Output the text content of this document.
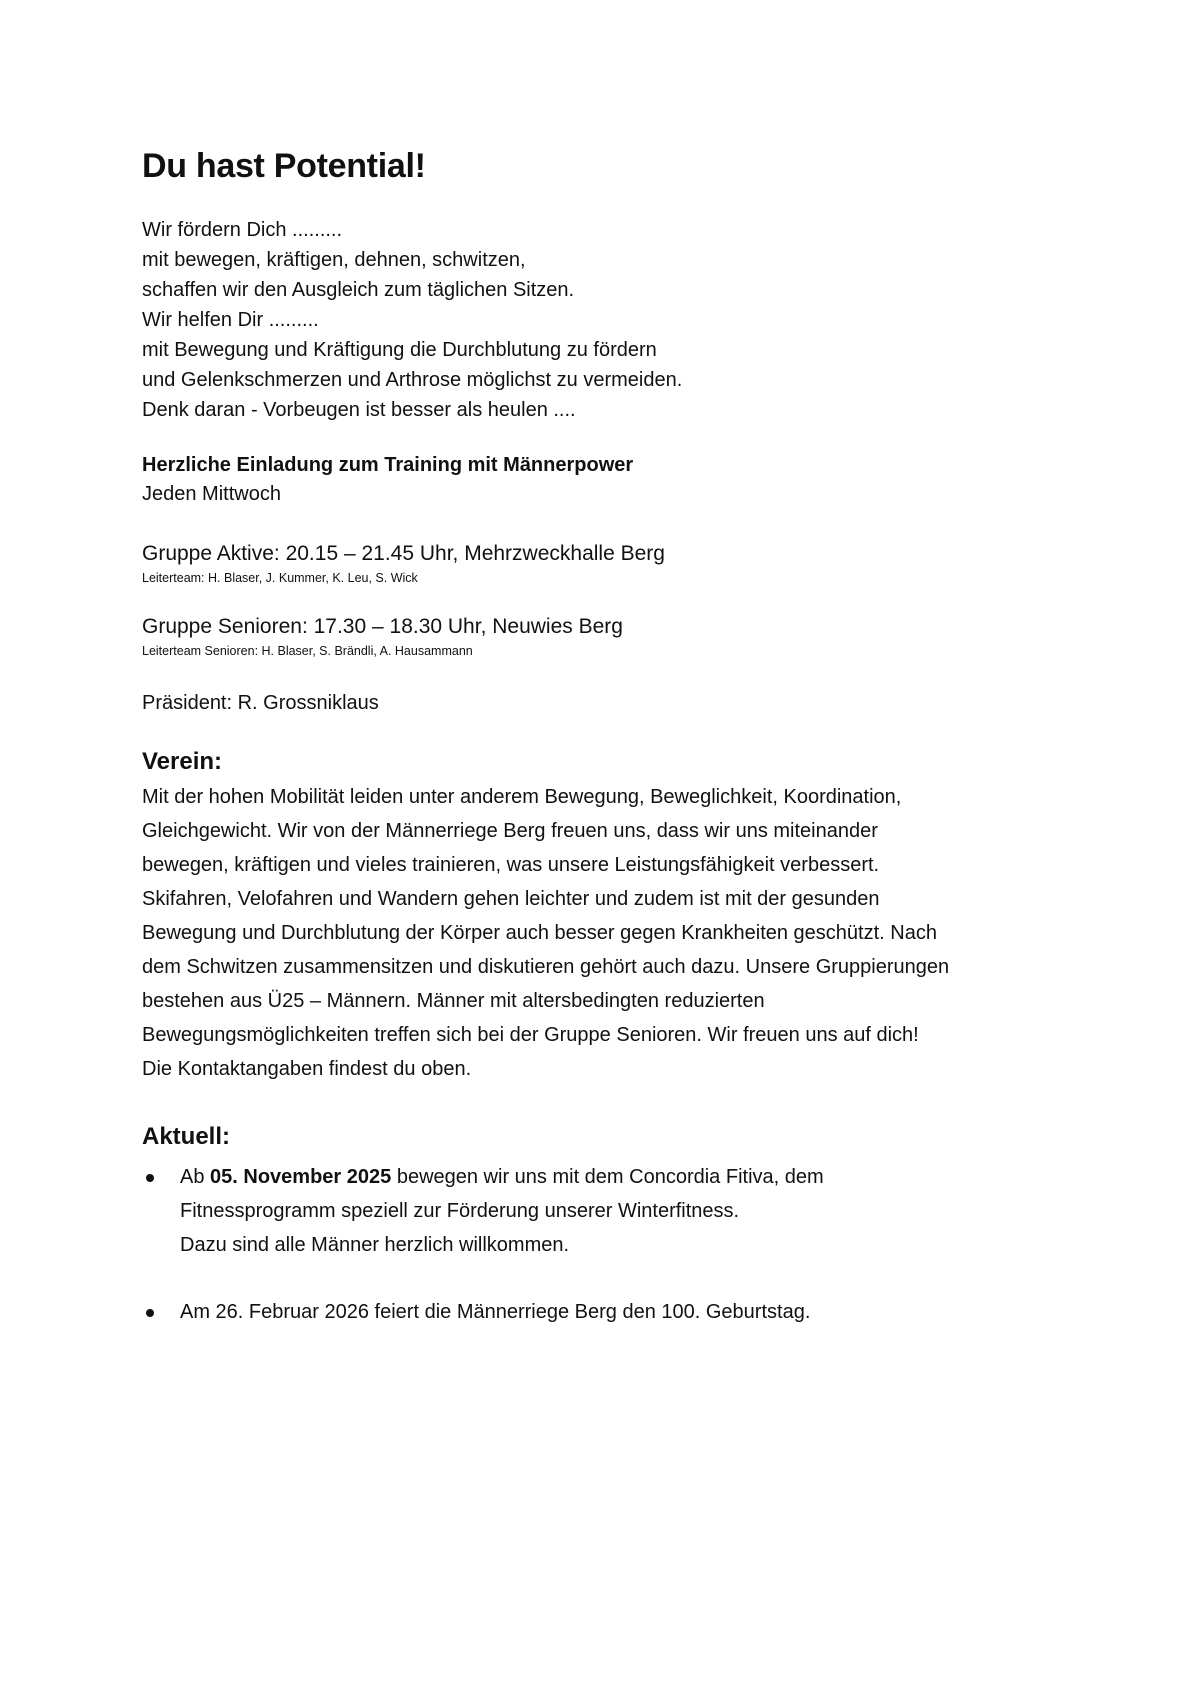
Du hast Potential!
Wir fördern Dich .........
mit bewegen, kräftigen, dehnen, schwitzen,
schaffen wir den Ausgleich zum täglichen Sitzen.
Wir helfen Dir .........
mit Bewegung und Kräftigung die Durchblutung zu fördern
und Gelenkschmerzen und Arthrose möglichst zu vermeiden.
Denk daran - Vorbeugen ist besser als heulen ....
Herzliche Einladung zum Training mit Männerpower
Jeden Mittwoch
Gruppe Aktive: 20.15 – 21.45 Uhr, Mehrzweckhalle Berg
Leiterteam: H. Blaser, J. Kummer, K. Leu, S. Wick
Gruppe Senioren: 17.30 – 18.30 Uhr, Neuwies Berg
Leiterteam Senioren: H. Blaser, S. Brändli, A. Hausammann
Präsident: R. Grossniklaus
Verein:
Mit der hohen Mobilität leiden unter anderem Bewegung, Beweglichkeit, Koordination,
Gleichgewicht. Wir von der Männerriege Berg freuen uns, dass wir uns miteinander
bewegen, kräftigen und vieles trainieren, was unsere Leistungsfähigkeit verbessert.
Skifahren, Velofahren und Wandern gehen leichter und zudem ist mit der gesunden
Bewegung und Durchblutung der Körper auch besser gegen Krankheiten geschützt. Nach
dem Schwitzen zusammensitzen und diskutieren gehört auch dazu. Unsere Gruppierungen
bestehen aus Ü25 – Männern. Männer mit altersbedingten reduzierten
Bewegungsmöglichkeiten treffen sich bei der Gruppe Senioren. Wir freuen uns auf dich!
Die Kontaktangaben findest du oben.
Aktuell:
Ab 05. November 2025 bewegen wir uns mit dem Concordia Fitiva, dem
Fitnessprogramm speziell zur Förderung unserer Winterfitness.
Dazu sind alle Männer herzlich willkommen.
Am 26. Februar 2026 feiert die Männerriege Berg den 100. Geburtstag.
